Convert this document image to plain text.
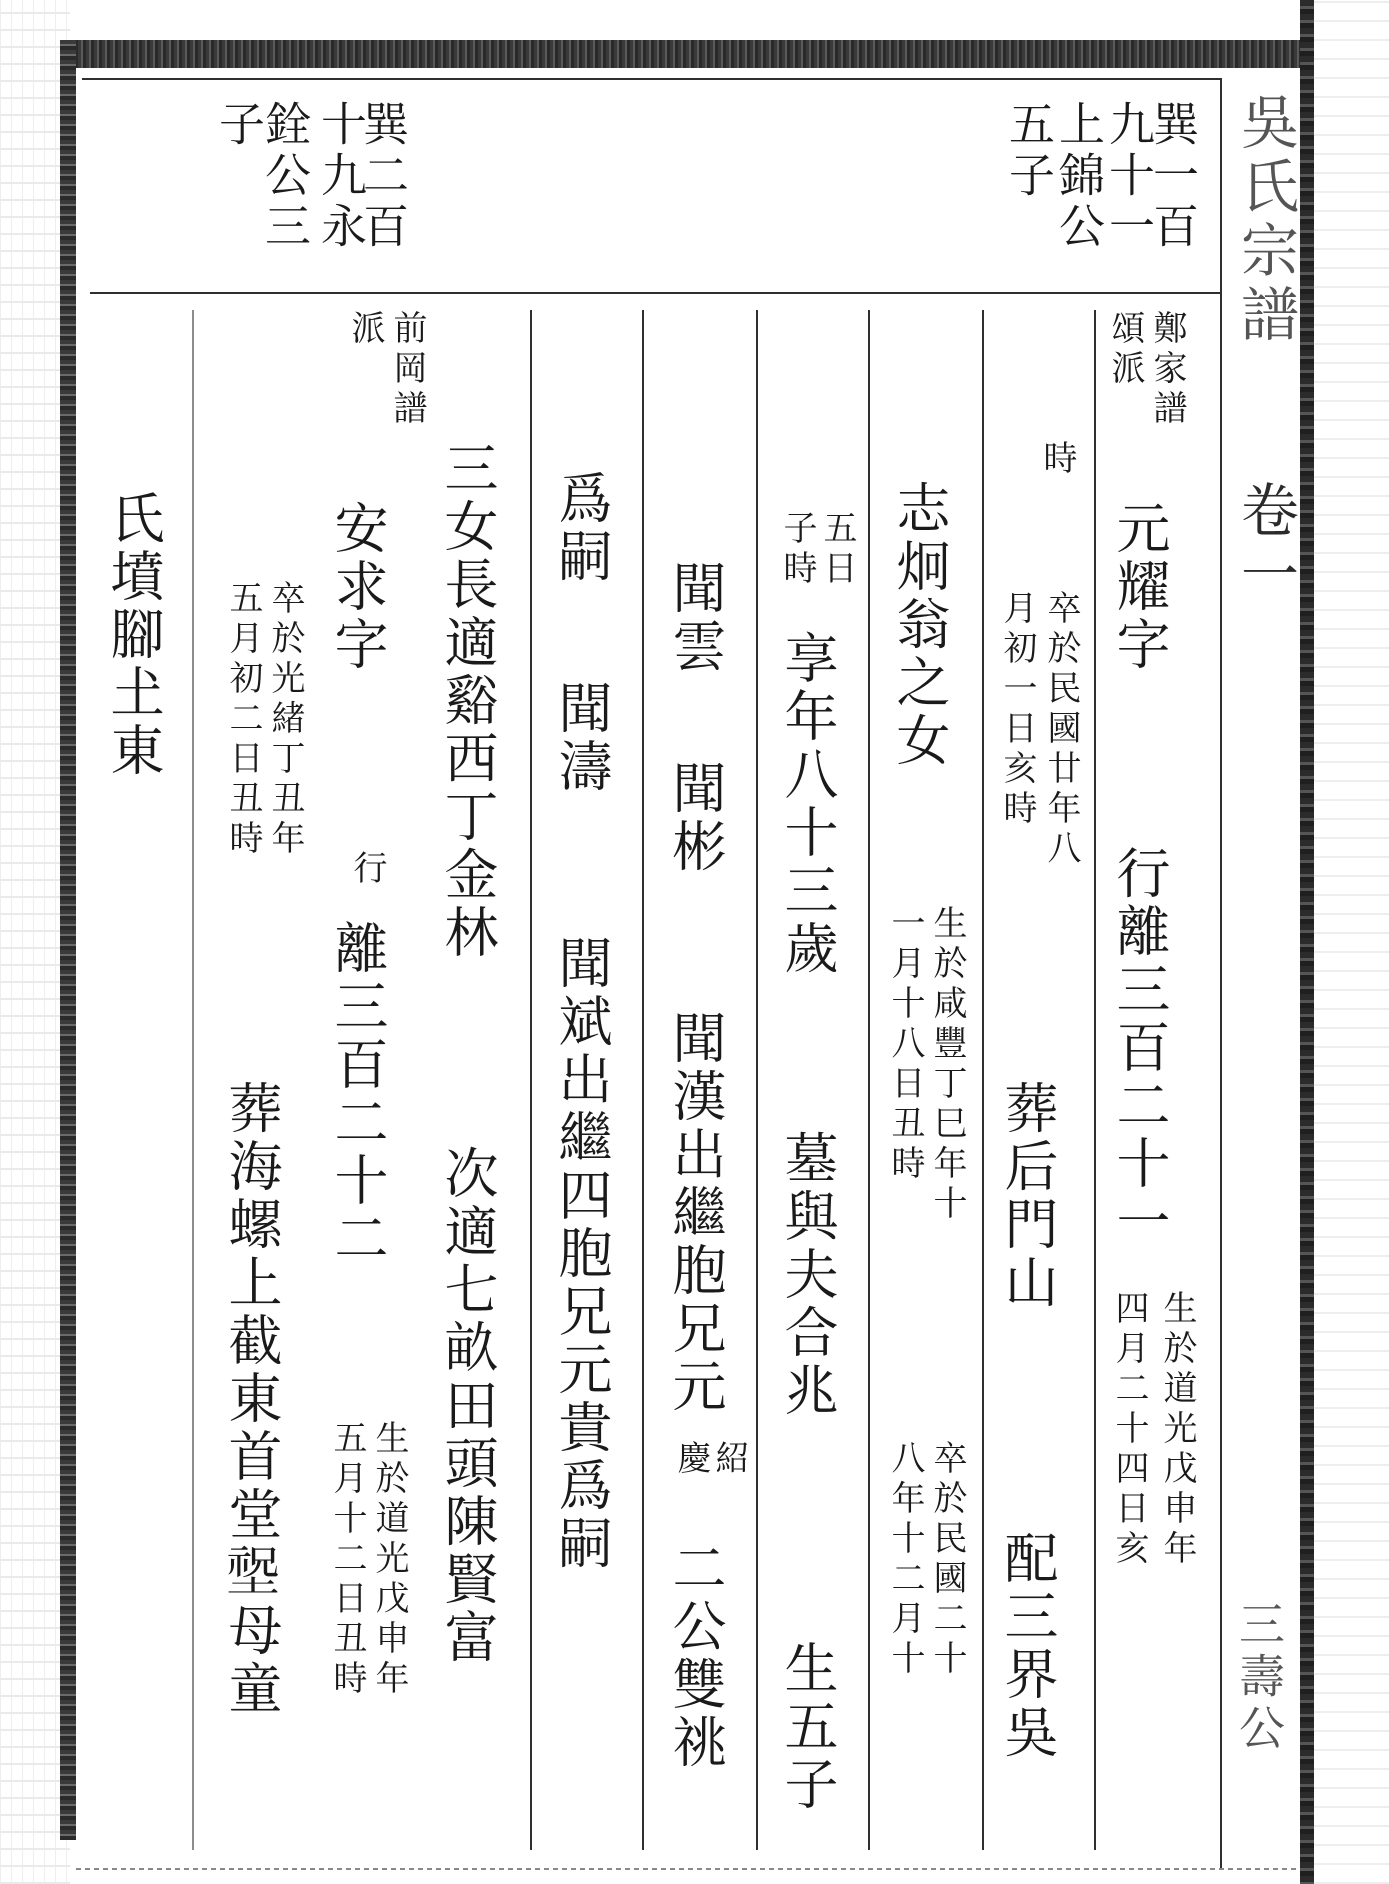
吳氏宗譜
卷一
三壽公
巽一百
九十一
上錦公
五子
巽二百
十九永
銓公三
子
鄭家譜
頌派
時
元耀字
行離三百二十一
生於道光戊申年
四月二十四日亥
卒於民國廿年八
月初一日亥時
葬后門山
配三界吳
志炯翁之女
生於咸豐丁巳年十
一月十八日丑時
卒於民國二十
八年十二月十
五日
子時
享年八十三歲
墓與夫合兆
生五子
聞雲
聞彬
聞漢出繼胞兄元
紹
慶
二公雙祧
爲嗣
聞濤
聞斌出繼四胞兄元貴爲嗣
三女長適谿西丁金林
次適七畝田頭陳賢富
前岡譜
派
安求字
行
離三百二十二
生於道光戊申年
五月十二日丑時
卒於光緒丁丑年
五月初二日丑時
葬海螺上截東首堂𡎺母童
氏墳腳𡈽東
